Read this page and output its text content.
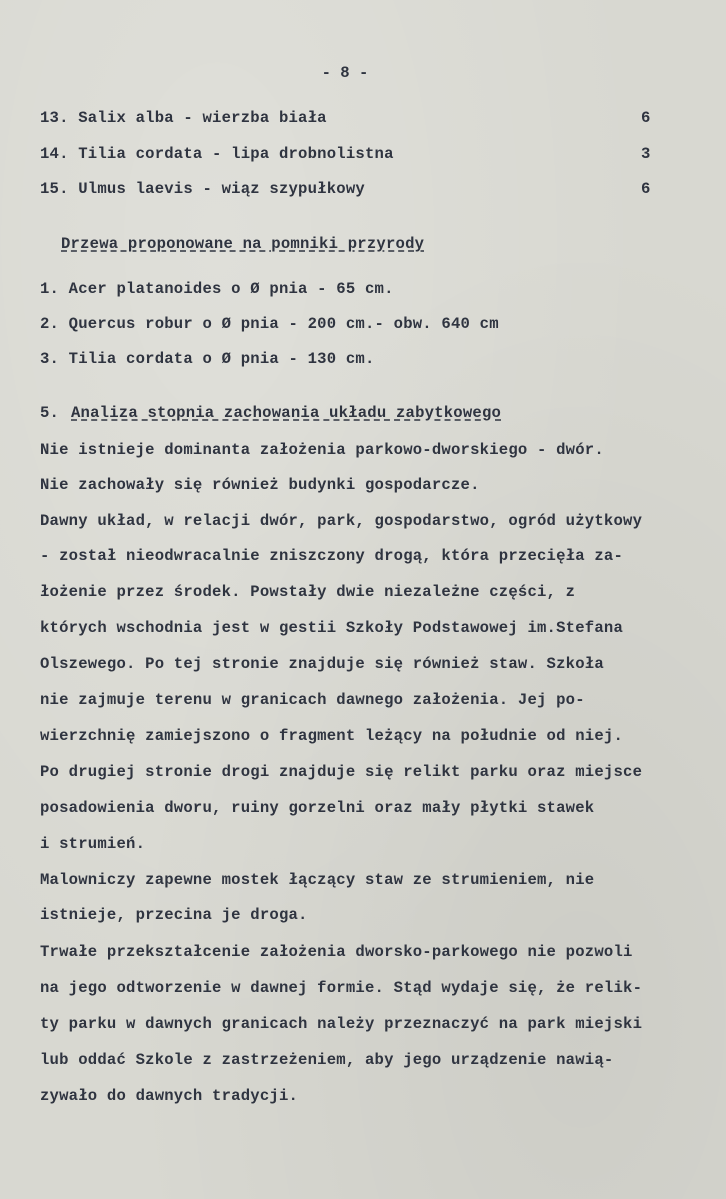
- 8 -
13. Salix alba - wierzba biała	6
14. Tilia cordata - lipa drobnolistna	3
15. Ulmus laevis - wiąz szypułkowy	6
Drzewa proponowane na pomniki przyrody
1. Acer platanoides o Ø pnia - 65 cm.
2. Quercus robur o Ø pnia - 200 cm.- obw. 640 cm
3. Tilia cordata o Ø pnia - 130 cm.
5. Analiza stopnia zachowania układu zabytkowego
Nie istnieje dominanta założenia parkowo-dworskiego - dwór.
Nie zachowały się również budynki gospodarcze.
Dawny układ, w relacji dwór, park, gospodarstwo, ogród użytkowy
- został nieodwracalnie zniszczony drogą, która przecięła za-
łożenie przez środek. Powstały dwie niezależne części, z
których wschodnia jest w gestii Szkoły Podstawowej im.Stefana
Olszewego. Po tej stronie znajduje się również staw. Szkoła
nie zajmuje terenu w granicach dawnego założenia. Jej po-
wierzchnię zamiejszono o fragment leżący na południe od niej.
Po drugiej stronie drogi znajduje się relikt parku oraz miejsce
posadowienia dworu, ruiny gorzelni oraz mały płytki stawek
i strumień.
Malowniczy zapewne mostek łączący staw ze strumieniem, nie
istnieje, przecina je droga.
Trwałe przekształcenie założenia dworsko-parkowego nie pozwoli
na jego odtworzenie w dawnej formie. Stąd wydaje się, że relik-
ty parku w dawnych granicach należy przeznaczyć na park miejski
lub oddać Szkole z zastrzeżeniem, aby jego urządzenie nawią-
zywało do dawnych tradycji.
